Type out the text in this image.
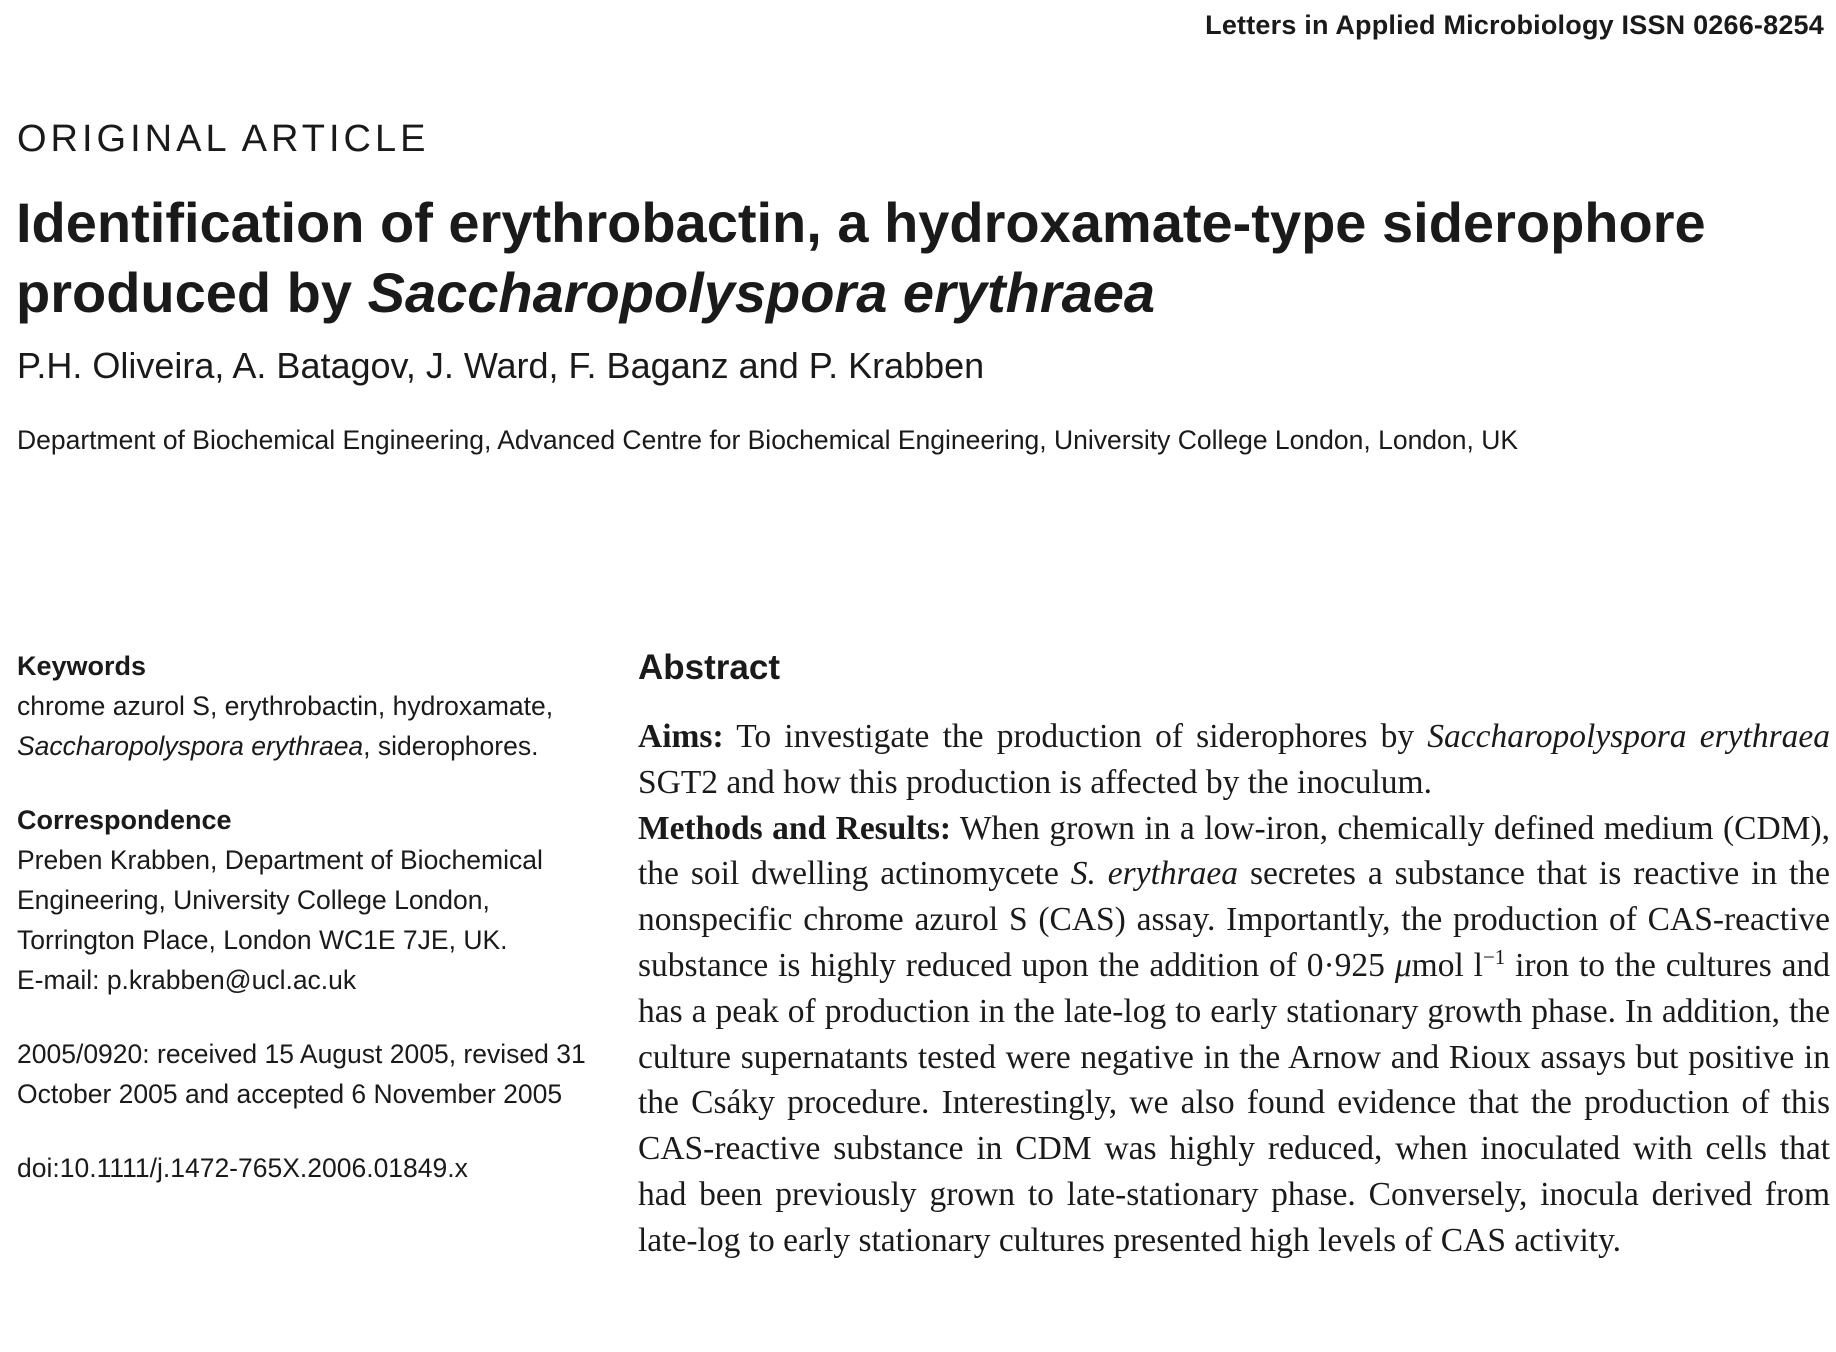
Letters in Applied Microbiology ISSN 0266-8254
ORIGINAL ARTICLE
Identification of erythrobactin, a hydroxamate-type siderophore produced by Saccharopolyspora erythraea
P.H. Oliveira, A. Batagov, J. Ward, F. Baganz and P. Krabben
Department of Biochemical Engineering, Advanced Centre for Biochemical Engineering, University College London, London, UK
Keywords
chrome azurol S, erythrobactin, hydroxamate, Saccharopolyspora erythraea, siderophores.
Correspondence
Preben Krabben, Department of Biochemical Engineering, University College London, Torrington Place, London WC1E 7JE, UK.
E-mail: p.krabben@ucl.ac.uk
2005/0920: received 15 August 2005, revised 31 October 2005 and accepted 6 November 2005
doi:10.1111/j.1472-765X.2006.01849.x
Abstract

Aims: To investigate the production of siderophores by Saccharopolyspora erythraea SGT2 and how this production is affected by the inoculum.

Methods and Results: When grown in a low-iron, chemically defined medium (CDM), the soil dwelling actinomycete S. erythraea secretes a substance that is reactive in the nonspecific chrome azurol S (CAS) assay. Importantly, the production of CAS-reactive substance is highly reduced upon the addition of 0·925 μmol $l^{-1}$ iron to the cultures and has a peak of production in the late-log to early stationary growth phase. In addition, the culture supernatants tested were negative in the Arnow and Rioux assays but positive in the Csáky procedure. Interestingly, we also found evidence that the production of this CAS-reactive substance in CDM was highly reduced, when inoculated with cells that had been previously grown to late-stationary phase. Conversely, inocula derived from late-log to early stationary cultures presented high levels of CAS activity.
